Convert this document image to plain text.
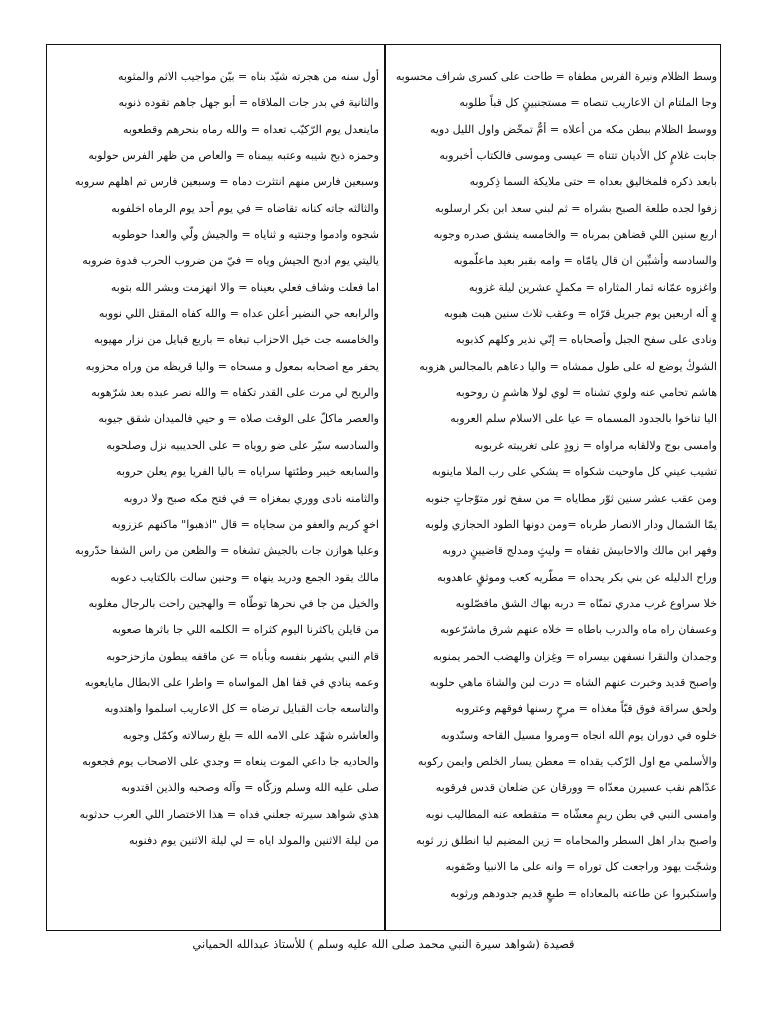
وسط الظلام ونيرة الفرس مطفاه = طاحت على كسرى شراف محسوبه
وجا الملتام ان الاعاريب تنصاه = مستجنبينٍ كل قباً طلوبه
ووسط الظلام ببطن مكه من أعلاه = أمٌّ تمخّض واول الليل دويه
جابت غلامٍ كل الأديان تتناه = عيسى وموسى فالكتاب أخبروبه
بابعد ذكره فلمخاليق بعداه = حتى ملايكة السما ذِكروبه
زفوا لجده طلعة الصبح بشراه = ثم لبني سعد ابن بكر ارسلوبه
اربع سنين اللي قضاهن بمرباه = والخامسه ينشق صدره وجوبه
والسادسه وأشبِّين ان قال يامّاه = وامه بقبر بعيد ماعلّموبه
واغزوه عمّانه ثمار المثاراه = مكملٍ عشرين ليلة غزوبه
وٍ أله اربعين يوم جبريل قرّاه = وعقب ثلاث سنين هبت هبوبه
ونادى على سفح الجبل وأصحاباه = إنّي نذير وكلهم كذبوبه
الشوكٔ يوضع له على طول ممشاه = واليا دعاهم بالمجالس هزوبه
هاشم تحامي عنه ولوي تشناه = لوي لولا هاشمٍ ن روحوبه
اليا تناخوا بالجدود المسماه = عيا على الاسلام سلم العروبه
وامسى بوج ولالقابه مراواه = زودٍ على تغريبته غربوبه
تشيب عيني كل ماوحيت شكواه = يشكي على رب الملا ماينوبه
ومن عقب عشر سنين ثوّر مطاياه = من سفح ثور متوّجاتٍ جنوبه
يمّا الشمال ودار الانصار طرباه =ومن دونها الطود الحجازي ولوبه
وفهر ابن مالك والاحابيش تقفاه = وليثٍ ومدلج قاضيينٍ دروبه
وراح الدليله عن بني بكر يحداه = مطّريه كعب وموثقٍ عاهدوبه
خلا سراوع غرب مدري تمنّاه = دربه بهاك الشق مافصّلوبه
وعسفان راه ماه والدرب باطاه = خلاه عنهم شرق ماشرّعوبه
وجمدان والنقرا نسفهن بيسراه = وغِزان والهضب الحمر يمنوبه
واصبح قديد وخبرت عنهم الشاه = درت لبن والشاة ماهي حلوبه
ولحق سراقة فوق قبّاً مغذاه = مرحٍ رسنها فوقهم وعتروبه
خلوه في دوران يوم الله انجاه =ومروا مسيل القاحه وسنّدوبه
والأسلمي مع اول الرّكب يقداه = معطن يسار الخلص وايمن ركوبه
عدّاهم نقب عسيرن معدّاه = وورقان عن ضلعان قدس فرقوبه
وامسى النبي في بطن ريمٍ معشّاه = متقطعه عنه المطاليب نوبه
واصبح بدار اهل السطر والمحاماه = زين المضيم ليا انطلق زر ثوبه
وشجّت يهود وراجعت كل توراه = وانه على ما الانبيا وصّفوبه
واستكبروا عن طاعته بالمعاداه = طبعٍ قديم جدودهم ورثوبه
أول سنه من هجرته شيّد بناه = بيّن مواجيب الاثم والمثوبه
والثانية في بدر جات الملاقاه = أبو جهل جاهم تقوده ذنوبه
ماينعدل يوم الرّكيّب تعداه = والله رماه بنحرهم وقطعوبه
وحمزه ذبح شيبه وعتبه بيمناه = والعاص من ظهر الفرس حولوبه
وسبعين فارس منهم انتثرت دماه = وسبعين فارس تم اهلهم سروبه
والثالثه جاته كنانه تقاضاه = في يوم أحد يوم الرماه اخلفوبه
شجوه وادموا وجنتيه و ثناياه = والجيش ولّي والعدا حوطوبه
ياليتي يوم ادبح الجيش وياه = فيّ من ضروب الحرب فدوة ضروبه
اما فعلت وشاف فعلي بعيناه = والا انهزمت وبشر الله بتوبه
والرابعه حي النضير أعلن عداه = والله كفاه المقتل اللي نووبه
والخامسه جت خيل الاحزاب تبغاه = باربع قبايل من نزار مهيوبه
يحفر مع اصحابه بمعول و مسحاه = واليا قريظه من وراه محزوبه
والريح لي مرت على القدر تكفاه = والله نصر عبده بعد شرّهوبه
والعصر ماكلّ على الوقت صلاه = و حيي فالميدان شقق جيوبه
والسادسه سيّر على ضو روياه = على الحديبيه نزل وصلحوبه
والسابعه خيبر وطئتها سراياه = باليا الفريا يوم يعلن حروبه
والثامنه نادى ووري بمغزاه = في فتح مكه صبح ولا دروبه
اخوٍ كريم والعفو من سجاياه = قال "اذهبوا" ماكنهم عززوبه
وعليا هوازن جات بالجيش تشغاه = والظعن من راس الشفا حدّروبه
مالك يقود الجمع ودريد ينهاه = وحنين سالت بالكتايب دعوبه
والخيل من جا في نحرها توطّاه = والهجين راحت بالرجال مغلوبه
من قايلن ياكثرنا اليوم كثراه = الكلمه اللي جا باثرها صعوبه
قام النبي يشهر بنفسه وبأباه = عن ماقفه يبطون مازحزحوبه
وعمه ينادي في قفا اهل المواساه = واطرا على الابطال مايايعوبه
والتاسعه جات القبايل ترضاه = كل الاعاريب اسلموا واهتدوبه
والعاشره شهّد على الامه الله = بلغ رسالاته وكمّل وجوبه
والحاديه جا داعي الموت ينعاه = وجدي على الاصحاب يوم فجعوبه
صلى عليه الله وسلم وزكّاه = وآله وصحبه والذين اقتدوبه
هذي شواهد سيرته جعلني فداه = هذا الاختصار اللي العرب حدثوبه
من ليلة الاثنين والمولد اياه = لي ليلة الاثنين يوم دفنوبه
قصيدة (شواهد سيرة النبي محمد صلى الله عليه وسلم ) للأستاذ عبدالله الحمياني
